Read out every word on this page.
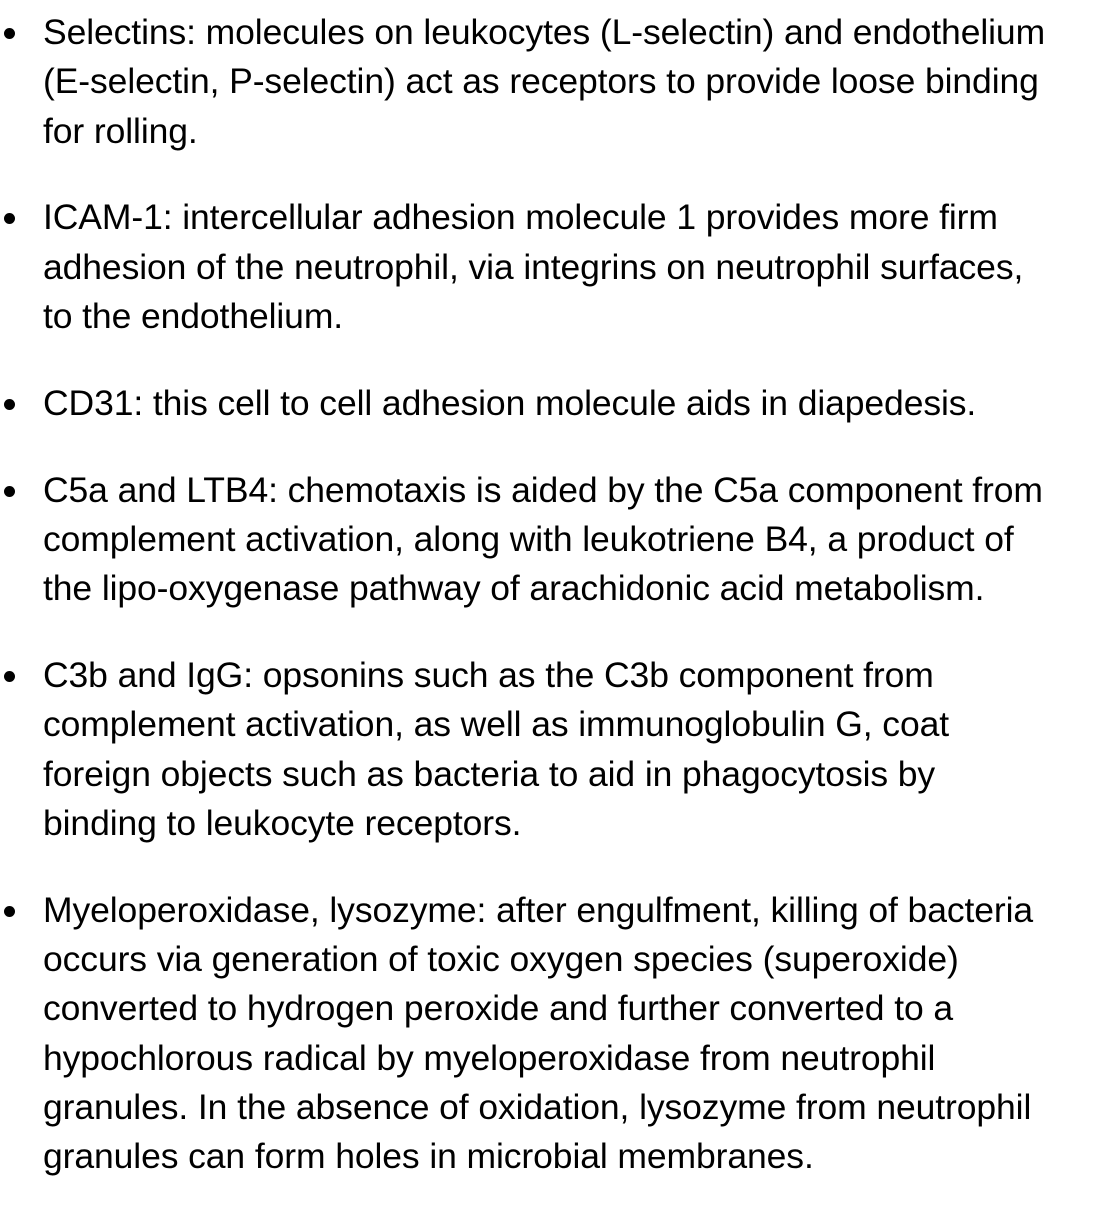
Selectins: molecules on leukocytes (L-selectin) and endothelium
(E-selectin, P-selectin) act as receptors to provide loose binding
for rolling.
ICAM-1: intercellular adhesion molecule 1 provides more firm
adhesion of the neutrophil, via integrins on neutrophil surfaces,
to the endothelium.
CD31: this cell to cell adhesion molecule aids in diapedesis.
C5a and LTB4: chemotaxis is aided by the C5a component from
complement activation, along with leukotriene B4, a product of
the lipo-oxygenase pathway of arachidonic acid metabolism.
C3b and IgG: opsonins such as the C3b component from
complement activation, as well as immunoglobulin G, coat
foreign objects such as bacteria to aid in phagocytosis by
binding to leukocyte receptors.
Myeloperoxidase, lysozyme: after engulfment, killing of bacteria
occurs via generation of toxic oxygen species (superoxide)
converted to hydrogen peroxide and further converted to a
hypochlorous radical by myeloperoxidase from neutrophil
granules. In the absence of oxidation, lysozyme from neutrophil
granules can form holes in microbial membranes.
